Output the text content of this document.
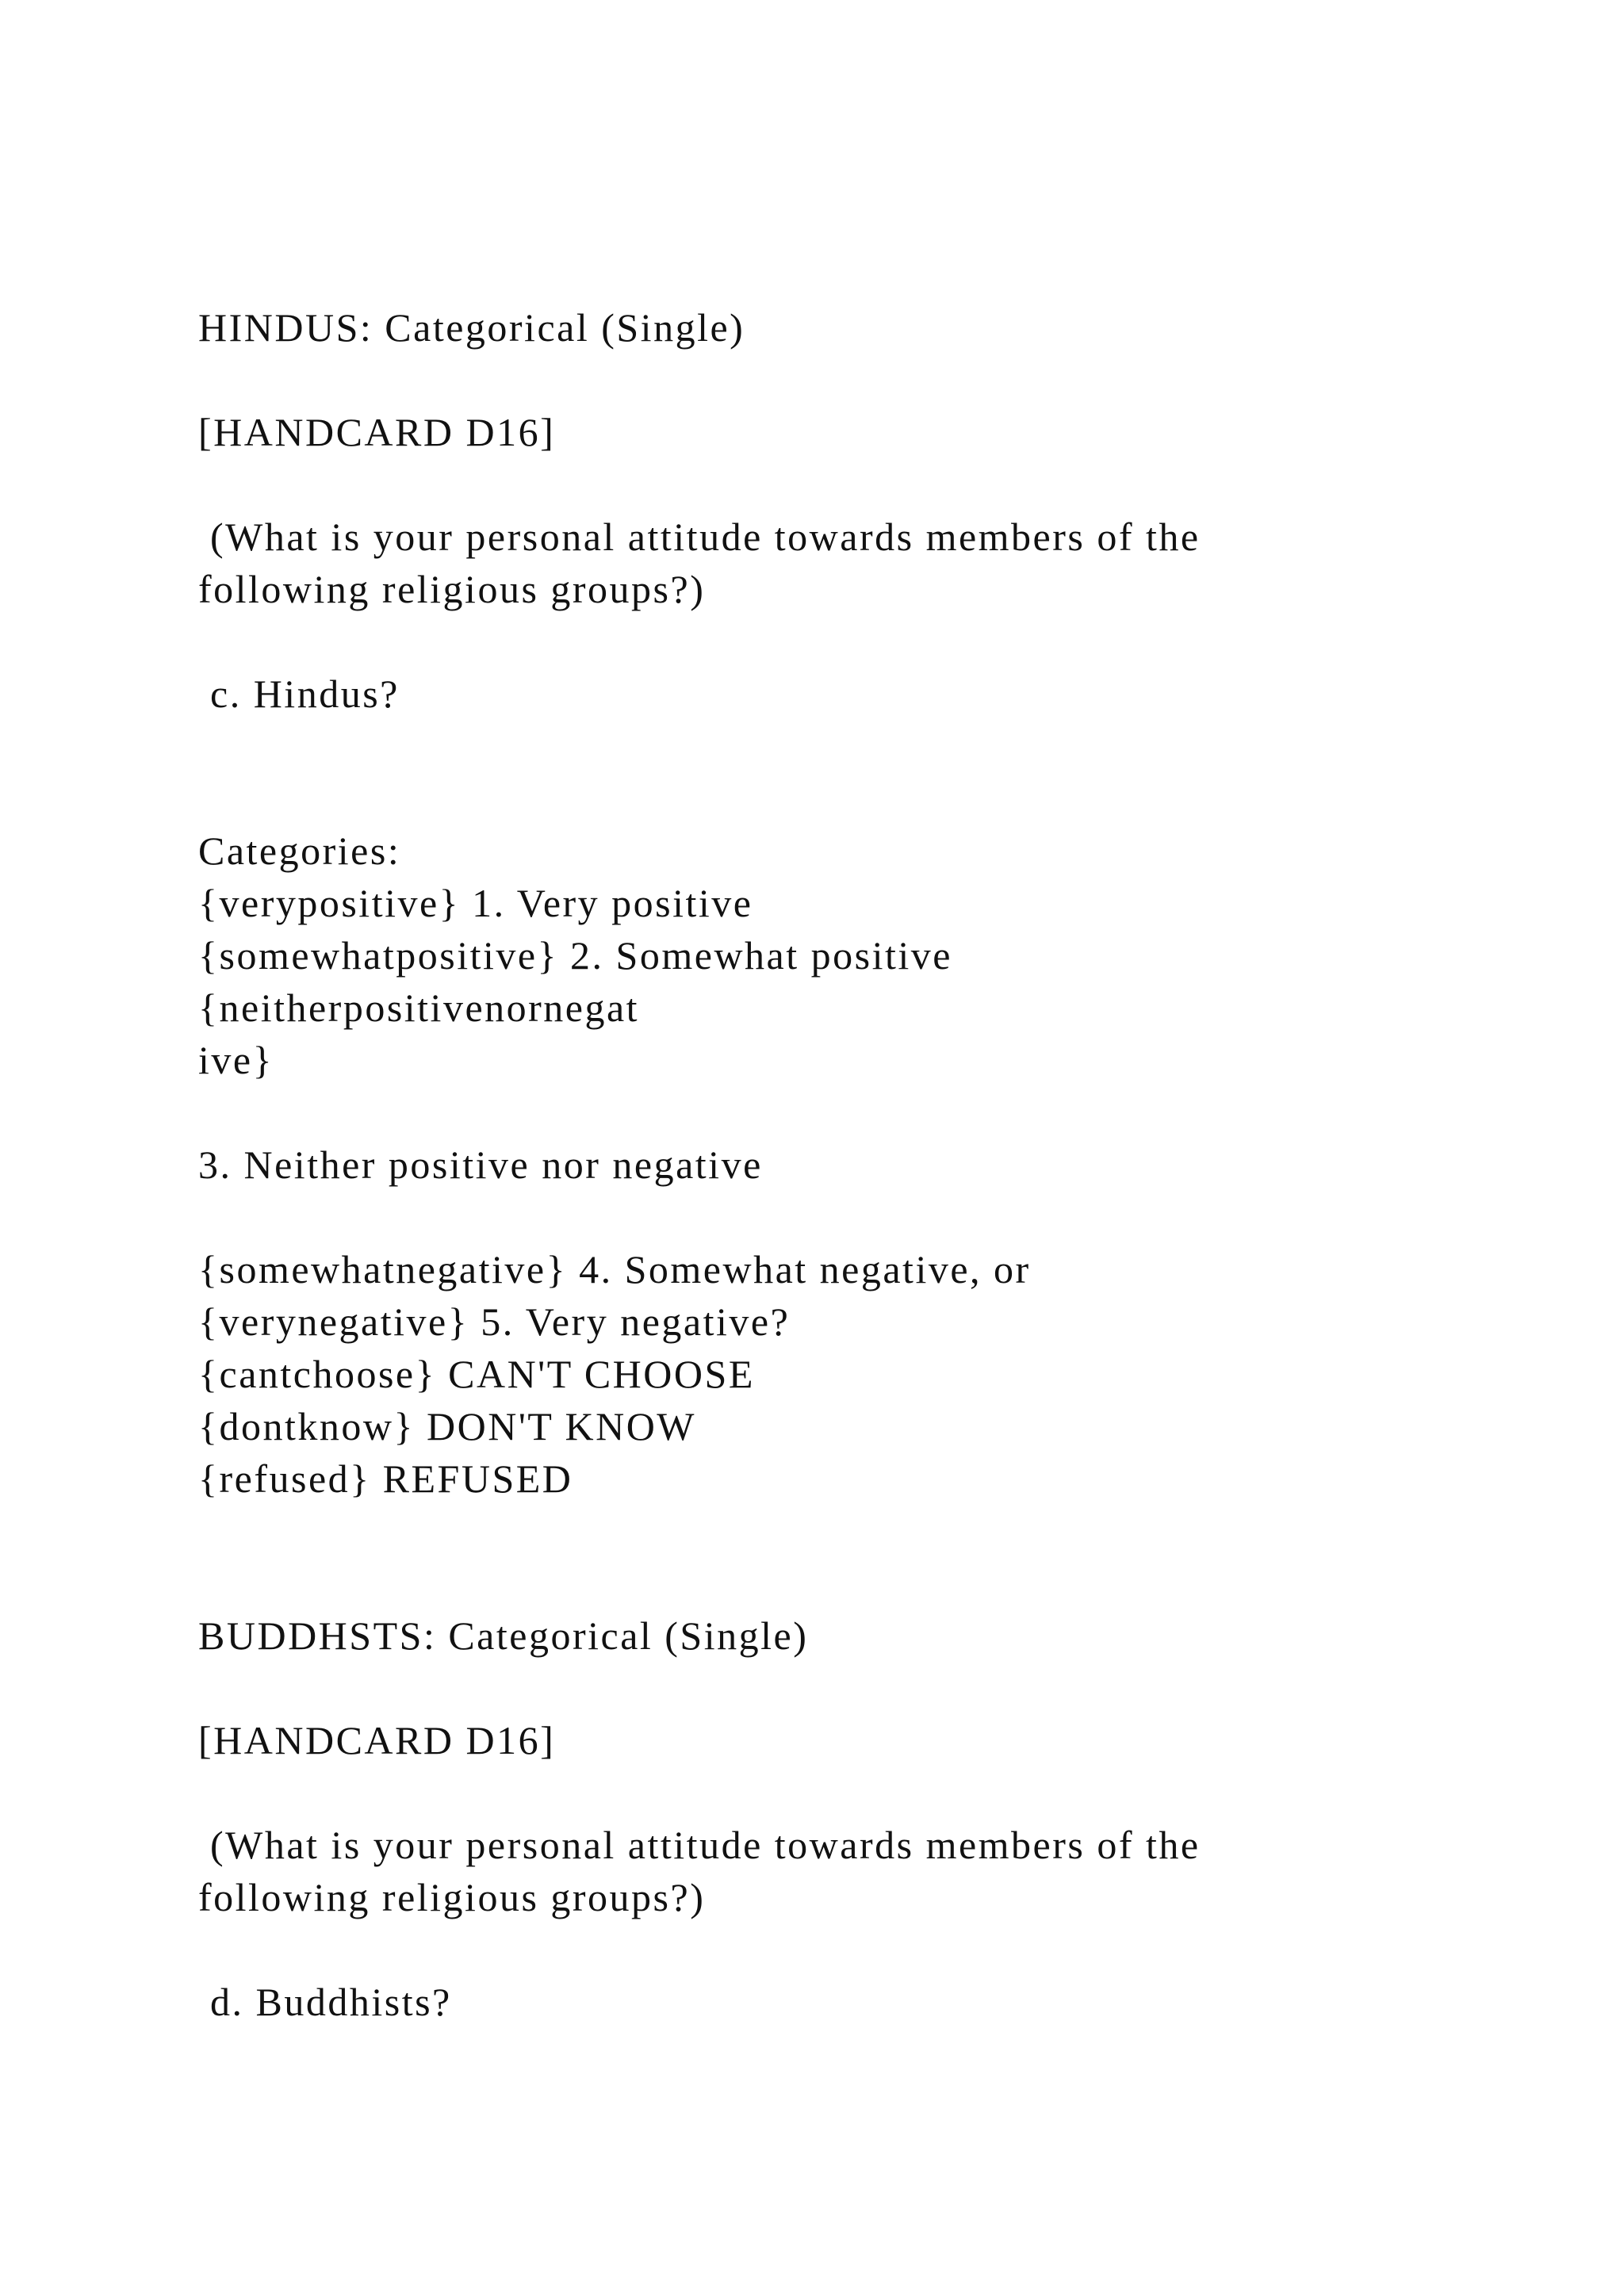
HINDUS: Categorical (Single)

[HANDCARD D16]

(What is your personal attitude towards members of the

following religious groups?)

c. Hindus?

Categories:

{verypositive} 1. Very positive

{somewhatpositive} 2. Somewhat positive

{neitherpositivenornegat

ive}

3. Neither positive nor negative

{somewhatnegative} 4. Somewhat negative, or

{verynegative} 5. Very negative?

{cantchoose} CAN'T CHOOSE

{dontknow} DON'T KNOW

{refused} REFUSED

BUDDHSTS: Categorical (Single)

[HANDCARD D16]

(What is your personal attitude towards members of the

following religious groups?)

d. Buddhists?
